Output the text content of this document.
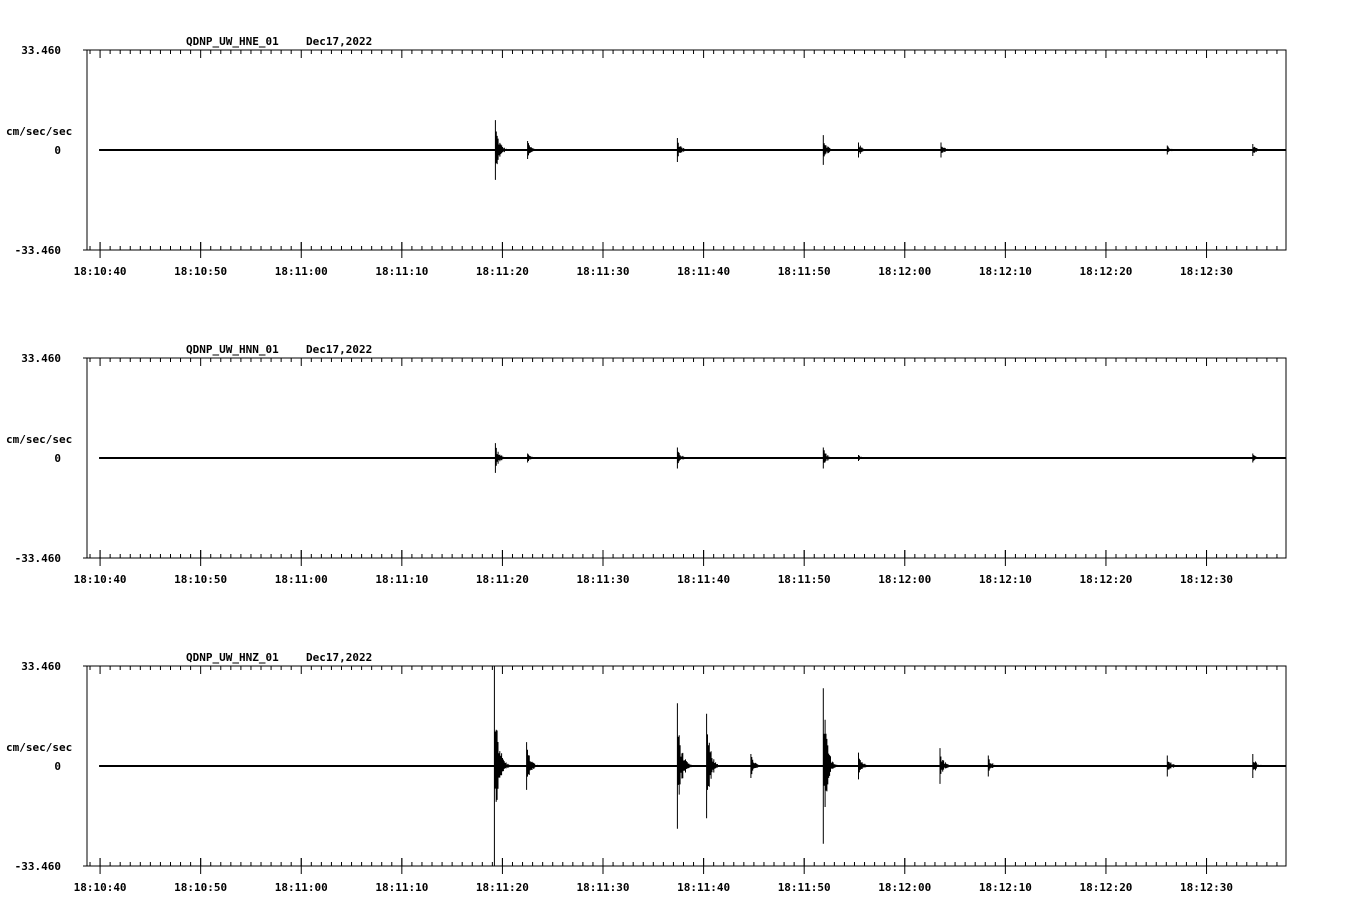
33.460
0
-33.460
cm/sec/sec
QDNP_UW_HNE_01 Dec17,2022
18:10:40	18:10:50	18:11:00	18:11:10	18:11:20	18:11:30	18:11:40	18:11:50	18:12:00	18:12:10	18:12:20	18:12:30
33.460
0
-33.460
cm/sec/sec
QDNP_UW_HNN_01 Dec17,2022
18:10:40	18:10:50	18:11:00	18:11:10	18:11:20	18:11:30	18:11:40	18:11:50	18:12:00	18:12:10	18:12:20	18:12:30
33.460
0
-33.460
cm/sec/sec
QDNP_UW_HNZ_01 Dec17,2022
18:10:40	18:10:50	18:11:00	18:11:10	18:11:20	18:11:30	18:11:40	18:11:50	18:12:00	18:12:10	18:12:20	18:12:30
